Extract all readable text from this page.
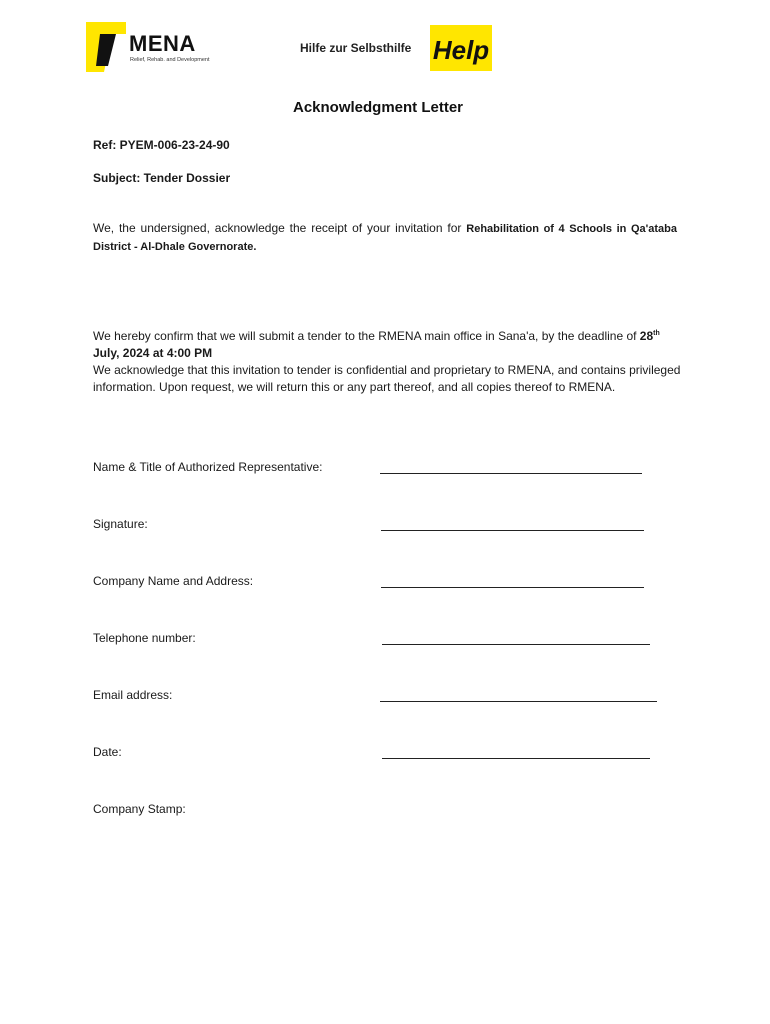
MENA
Relief, Rehab. and Development
Hilfe zur Selbsthilfe Help
Acknowledgment Letter
Ref: PYEM-006-23-24-90
Subject: Tender Dossier
We, the undersigned, acknowledge the receipt of your invitation for Rehabilitation of 4 Schools in Qa'ataba District - Al-Dhale Governorate.
We hereby confirm that we will submit a tender to the RMENA main office in Sana'a, by the deadline of 28th July, 2024 at 4:00 PM
We acknowledge that this invitation to tender is confidential and proprietary to RMENA, and contains privileged information. Upon request, we will return this or any part thereof, and all copies thereof to RMENA.
Name & Title of Authorized Representative:
Signature:
Company Name and Address:
Telephone number:
Email address:
Date:
Company Stamp:
